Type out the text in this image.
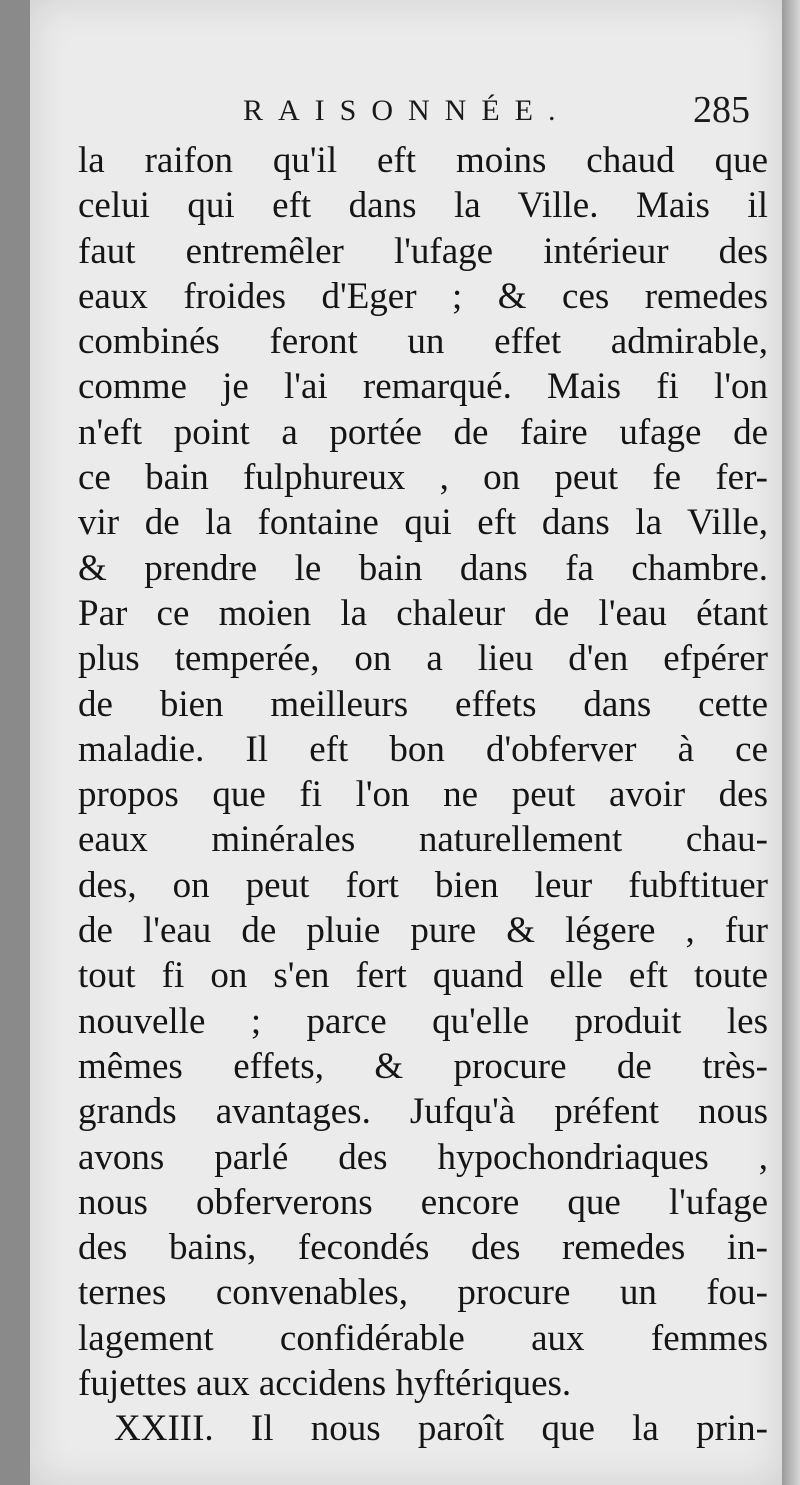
RAISONNÉE.	285
la raifon qu'il eft moins chaud que
celui qui eft dans la Ville. Mais il
faut entremêler l'ufage intérieur des
eaux froides d'Eger ; & ces remedes
combinés feront un effet admirable,
comme je l'ai remarqué. Mais fi l'on
n'eft point a portée de faire ufage de
ce bain fulphureux , on peut fe fer-
vir de la fontaine qui eft dans la Ville,
& prendre le bain dans fa chambre.
Par ce moien la chaleur de l'eau étant
plus temperée, on a lieu d'en efpérer
de bien meilleurs effets dans cette
maladie. Il eft bon d'obferver à ce
propos que fi l'on ne peut avoir des
eaux minérales naturellement chau-
des, on peut fort bien leur fubftituer
de l'eau de pluie pure & légere , fur
tout fi on s'en fert quand elle eft toute
nouvelle ; parce qu'elle produit les
mêmes effets, & procure de très-
grands avantages. Jufqu'à préfent nous
avons parlé des hypochondriaques ,
nous obferverons encore que l'ufage
des bains, fecondés des remedes in-
ternes convenables, procure un fou-
lagement confidérable aux femmes
fujettes aux accidens hyftériques.
XXIII. Il nous paroît que la prin-
